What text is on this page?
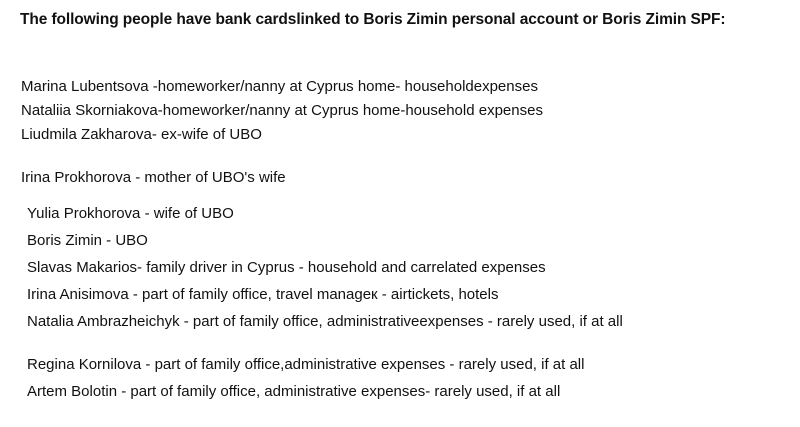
The following people have bank cardslinked to Boris Zimin personal account or Boris Zimin SPF:
Marina Lubentsova -homeworker/nanny at Cyprus home- householdexpenses
Nataliia Skorniakova-homeworker/nanny at Cyprus home-household expenses
Liudmila Zakharova- ex-wife of UBO
Irina Prokhorova - mother of UBO's wife
Yulia Prokhorova - wife of UBO
Boris Zimin - UBO
Slavas Makarios- family driver in Cyprus - household and carrelated expenses
Irina Anisimova - part of family office, travel manageк - airtickets, hotels
Natalia Ambrazheichyk - part of family office, administrativeexpenses - rarely used, if at all
Regina Kornilova - part of family office,administrative expenses - rarely used, if at all
Artem Bolotin - part of family office, administrative expenses- rarely used, if at all
